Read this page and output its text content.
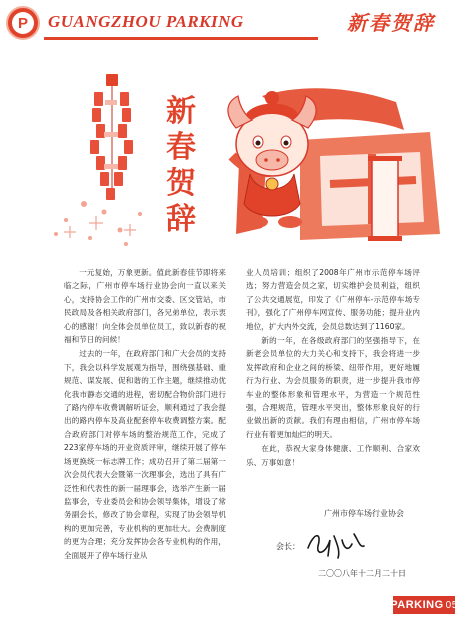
P	GUANGZHOU PARKING	新春贺辞
新
春
贺
辞

一元复始，万象更新。值此新春佳节即将来临之际，广州市停车场行业协会向一直以来关心，支持协会工作的广州市交委、区交管站，市民政局及各相关政府部门，各兄弟单位，表示衷心的感谢！向全体会员单位员工，致以新春的祝福和节日的问候！

过去的一年，在政府部门和广大会员的支持下，我会以科学发展观为指导，围绕强基础、重规范、谋发展、促和谐的工作主题，继续推动优化我市静态交通的进程，密切配合物价部门进行了路内停车收费调解听证会，顺利通过了我会提出的路内停车及高业配套停车收费调整方案。配合政府部门对停车场的整治规范工作，完成了223家停车场的开业资质评审，继续开展了停车场更换统一标志牌工作；成功召开了第二届第一次会员代表大会暨第一次理事会，选出了具有广泛性和代表性的新一届理事会，选举产生新一届监事会，专业委员会和协会领导集体，增设了常务副会长，修改了协会章程，实现了协会领导机构的更加完善，专业机构的更加壮大。会费制度的更为合理；充分发挥协会各专业机构的作用，全面展开了停车场行业从

业人员培训；组织了2008年广州市示范停车场评选；努力营造会员之家，切实维护会员利益，组织了公共交通展览，印发了《广州停车-示范停车场专刊》，强化了广州停车网宣传、服务功能；提升业内地位，扩大内外交流，会员总数达到了1160家。

新的一年，在各级政府部门的坚强指导下，在新老会员单位的大力关心和支持下，我会将进一步发挥政府和企业之间的桥梁、纽带作用，更好地履行为行业、为会员服务的职责，进一步提升我市停车业的整体形象和管理水平，为营造一个规范性强，合理规范，管理水平突出，整体形象良好的行业做出新的贡献。我们有理由相信，广州市停车场行业有着更加灿烂的明天。

在此，恭祝大家身体健康、工作顺利、合家欢乐、万事如意！

广州市停车场行业协会
会长：
二〇〇八年十二月二十日
PARKING 05
